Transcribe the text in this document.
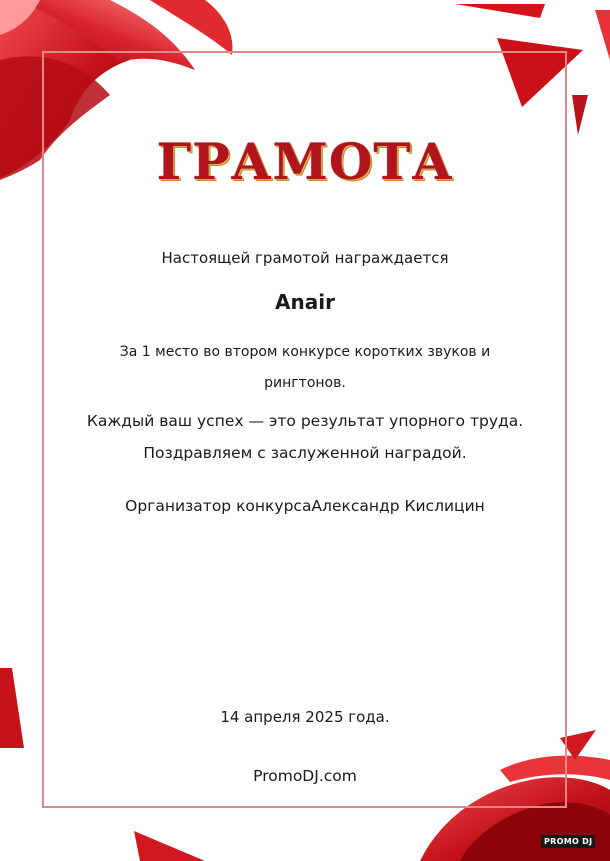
ГРАМОТА
Настоящей грамотой награждается
Anair
За 1 место во втором конкурсе коротких звуков и
рингтонов.
Каждый ваш успех — это результат упорного труда.
Поздравляем с заслуженной наградой.
Организатор конкурсаАлександр Кислицин
14 апреля 2025 года.
PromoDJ.com
PROMO DJ
